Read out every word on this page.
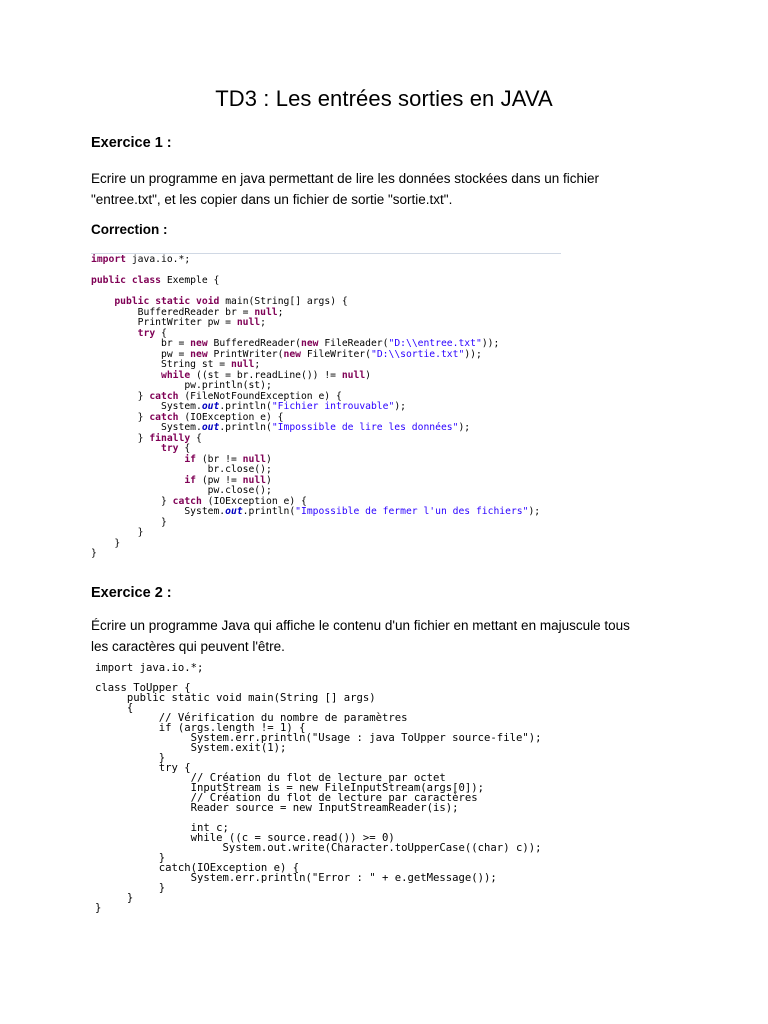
TD3 : Les entrées sorties en JAVA
Exercice 1 :
Ecrire un programme en java permettant de lire les données stockées dans un fichier
"entree.txt", et les copier dans un fichier de sortie "sortie.txt".
Correction :
import java.io.*;

public class Exemple {

public static void main(String[] args) {
BufferedReader br = null;
PrintWriter pw = null;
try {
br = new BufferedReader(new FileReader("D:\\entree.txt"));
pw = new PrintWriter(new FileWriter("D:\\sortie.txt"));
String st = null;
while ((st = br.readLine()) != null)
pw.println(st);
} catch (FileNotFoundException e) {
System.out.println("Fichier introuvable");
} catch (IOException e) {
System.out.println("Impossible de lire les données");
} finally {
try {
if (br != null)
br.close();
if (pw != null)
pw.close();
} catch (IOException e) {
System.out.println("Impossible de fermer l'un des fichiers");
}
}
}
}
Exercice 2 :
Écrire un programme Java qui affiche le contenu d'un fichier en mettant en majuscule tous
les caractères qui peuvent l'être.
import java.io.*;

class ToUpper {
public static void main(String [] args)
{
// Vérification du nombre de paramètres
if (args.length != 1) {
System.err.println("Usage : java ToUpper source-file");
System.exit(1);
}
try {
// Création du flot de lecture par octet
InputStream is = new FileInputStream(args[0]);
// Création du flot de lecture par caractères
Reader source = new InputStreamReader(is);

int c;
while ((c = source.read()) >= 0)
System.out.write(Character.toUpperCase((char) c));
}
catch(IOException e) {
System.err.println("Error : " + e.getMessage());
}
}
}
